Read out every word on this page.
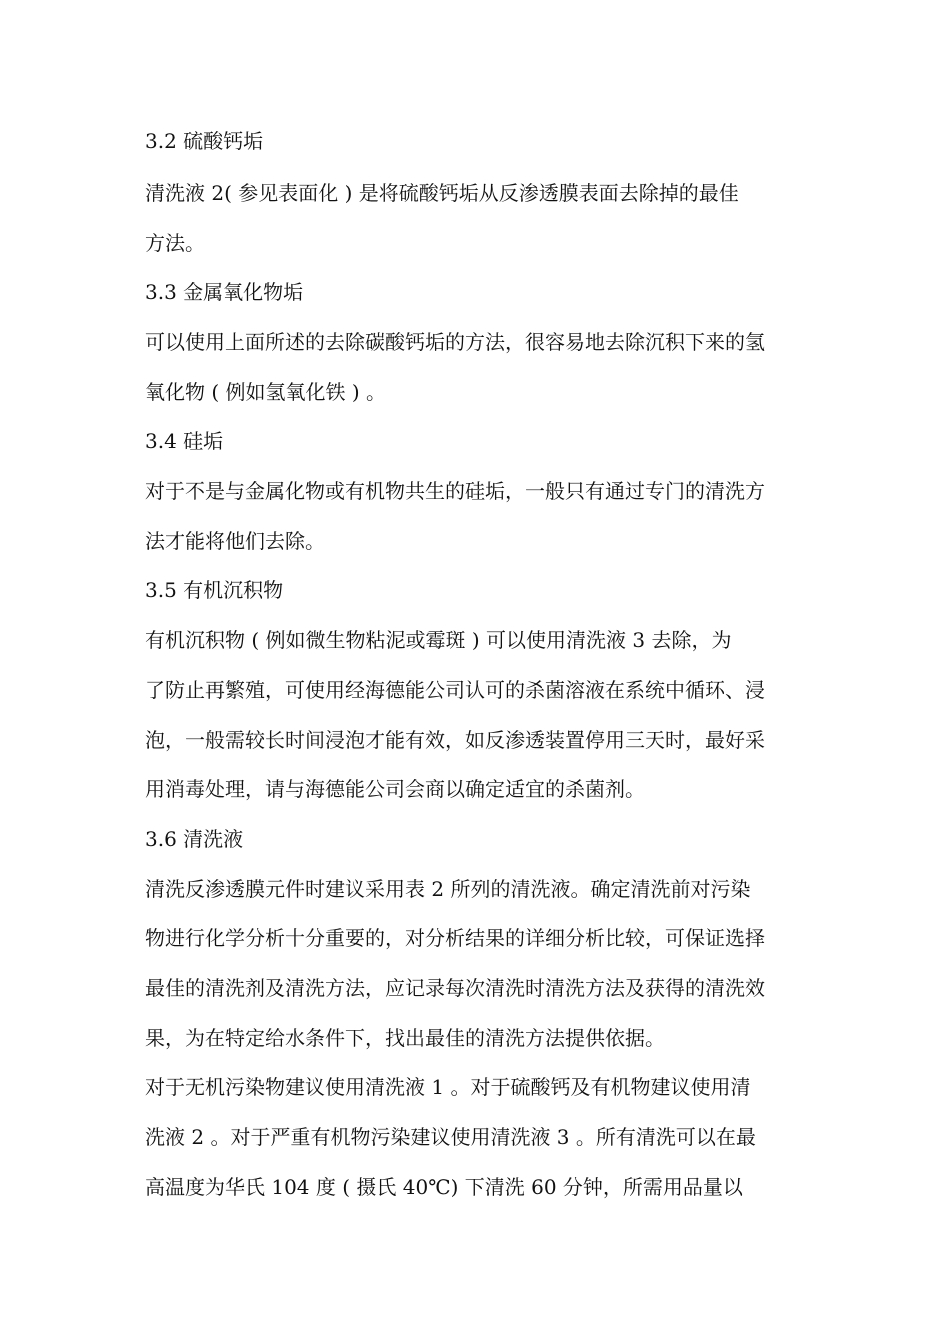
3.2 硫酸钙垢

清洗液 2( 参见表面化 ) 是将硫酸钙垢从反渗透膜表面去除掉的最佳

方法。

3.3 金属氧化物垢

可以使用上面所述的去除碳酸钙垢的方法，很容易地去除沉积下来的氢

氧化物 ( 例如氢氧化铁 ) 。

3.4 硅垢

对于不是与金属化物或有机物共生的硅垢，一般只有通过专门的清洗方

法才能将他们去除。

3.5 有机沉积物

有机沉积物 ( 例如微生物粘泥或霉斑 ) 可以使用清洗液 3 去除，为

了防止再繁殖，可使用经海德能公司认可的杀菌溶液在系统中循环、浸

泡，一般需较长时间浸泡才能有效，如反渗透装置停用三天时，最好采

用消毒处理，请与海德能公司会商以确定适宜的杀菌剂。

3.6 清洗液

清洗反渗透膜元件时建议采用表 2 所列的清洗液。确定清洗前对污染

物进行化学分析十分重要的，对分析结果的详细分析比较，可保证选择

最佳的清洗剂及清洗方法，应记录每次清洗时清洗方法及获得的清洗效

果，为在特定给水条件下，找出最佳的清洗方法提供依据。

对于无机污染物建议使用清洗液 1 。对于硫酸钙及有机物建议使用清

洗液 2 。对于严重有机物污染建议使用清洗液 3 。所有清洗可以在最

高温度为华氏 104 度 ( 摄氏 40℃) 下清洗 60 分钟，所需用品量以
